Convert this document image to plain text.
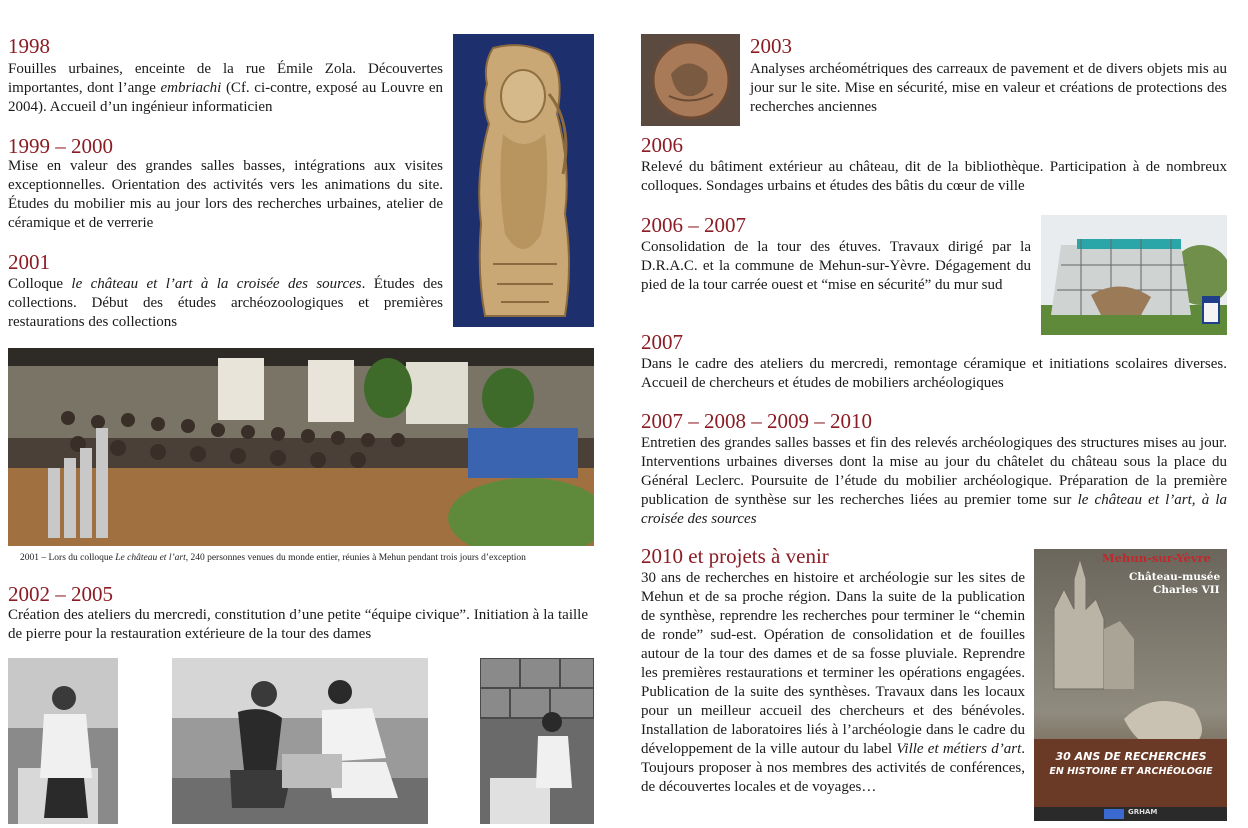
1998
Fouilles urbaines, enceinte de la rue Émile Zola. Découvertes importantes, dont l’ange embriachi (Cf. ci-contre, exposé au Louvre en 2004). Accueil d’un ingénieur informaticien
1999 – 2000
Mise en valeur des grandes salles basses, intégrations aux visites exceptionnelles. Orientation des activités vers les animations du site. Études du mobilier mis au jour lors des recherches urbaines, atelier de céramique et de verrerie
2001
Colloque le château et l’art à la croisée des sources. Études des collections. Début des études archéozoologiques et premières restaurations des collections
2001 – Lors du colloque Le château et l’art, 240 personnes venues du monde entier, réunies à Mehun pendant trois jours d’exception
2002 – 2005
Création des ateliers du mercredi, constitution d’une petite “équipe civique”. Initiation à la taille de pierre pour la restauration extérieure de la tour des dames
2003
Analyses archéométriques des carreaux de pavement et de divers objets mis au jour sur le site. Mise en sécurité, mise en valeur et créations de protections des recherches anciennes
2006
Relevé du bâtiment extérieur au château, dit de la bibliothèque. Participation à de nombreux colloques. Sondages urbains et études des bâtis du cœur de ville
2006 – 2007
Consolidation de la tour des étuves. Travaux dirigé par la D.R.A.C. et la commune de Mehun-sur-Yèvre. Dégagement du pied de la tour carrée ouest et “mise en sécurité” du mur sud
2007
Dans le cadre des ateliers du mercredi, remontage céramique et initiations scolaires diverses. Accueil de chercheurs et études de mobiliers archéologiques
2007 – 2008 – 2009 – 2010
Entretien des grandes salles basses et fin des relevés archéologiques des structures mises au jour. Interventions urbaines diverses dont la mise au jour du châtelet du château sous la place du Général Leclerc. Poursuite de l’étude du mobilier archéologique. Préparation de la première publication de synthèse sur les recherches liées au premier tome sur le château et l’art, à la croisée des sources
2010 et projets à venir
30 ans de recherches en histoire et archéologie sur les sites de Mehun et de sa proche région. Dans la suite de la publication de synthèse, reprendre les recherches pour terminer le “chemin de ronde” sud-est. Opération de consolidation et de fouilles autour de la tour des dames et de sa fosse pluviale. Reprendre les premières restaurations et terminer les opérations engagées. Publication de la suite des synthèses. Travaux dans les locaux pour un meilleur accueil des chercheurs et des bénévoles. Installation de laboratoires liés à l’archéologie dans le cadre du développement de la ville autour du label Ville et métiers d’art. Toujours proposer à nos membres des activités de conférences, de découvertes locales et de voyages…
Mehun-sur-Yèvre
Château-musée
Charles VII
30 ANS DE RECHERCHES
EN HISTOIRE ET ARCHÉOLOGIE
GRHAM
